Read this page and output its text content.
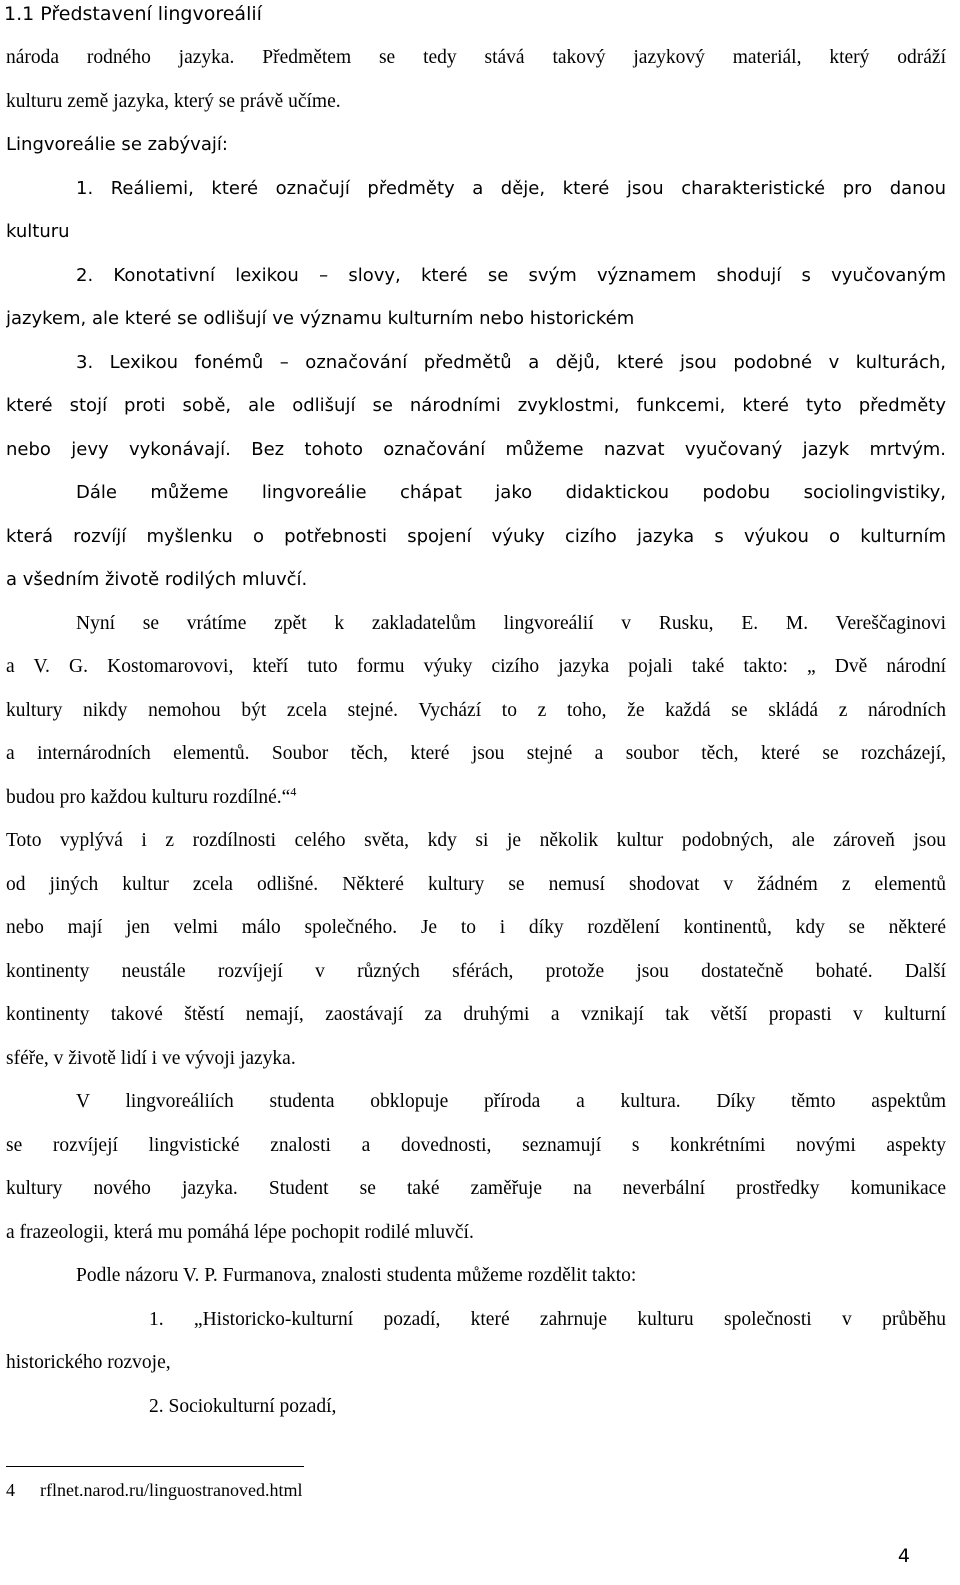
1.1 Představení lingvoreálií
národa rodného jazyka. Předmětem se tedy stává takový jazykový materiál, který odráží
kulturu země jazyka, který se právě učíme.
Lingvoreálie se zabývají:
1. Reáliemi, které označují předměty a děje, které jsou charakteristické pro danou
kulturu
2. Konotativní lexikou – slovy, které se svým významem shodují s vyučovaným
jazykem, ale které se odlišují ve významu kulturním nebo historickém
3. Lexikou fonémů – označování předmětů a dějů, které jsou podobné v kulturách,
které stojí proti sobě, ale odlišují se národními zvyklostmi, funkcemi, které tyto předměty
nebo jevy vykonávají. Bez tohoto označování můžeme nazvat vyučovaný jazyk mrtvým.
Dále můžeme lingvoreálie chápat jako didaktickou podobu sociolingvistiky,
která rozvíjí myšlenku o potřebnosti spojení výuky cizího jazyka s výukou o kulturním
a všedním životě rodilých mluvčí.
Nyní se vrátíme zpět k zakladatelům lingvoreálií v Rusku, E. M. Vereščaginovi
a V. G. Kostomarovovi, kteří tuto formu výuky cizího jazyka pojali také takto: „ Dvě národní
kultury nikdy nemohou být zcela stejné. Vychází to z toho, že každá se skládá z národních
a internárodních elementů. Soubor těch, které jsou stejné a soubor těch, které se rozcházejí,
budou pro každou kulturu rozdílné.“$^4$
Toto vyplývá i z rozdílnosti celého světa, kdy si je několik kultur podobných, ale zároveň jsou
od jiných kultur zcela odlišné. Některé kultury se nemusí shodovat v žádném z elementů
nebo mají jen velmi málo společného. Je to i díky rozdělení kontinentů, kdy se některé
kontinenty neustále rozvíjejí v různých sférách, protože jsou dostatečně bohaté. Další
kontinenty takové štěstí nemají, zaostávají za druhými a vznikají tak větší propasti v kulturní
sféře, v životě lidí i ve vývoji jazyka.
V lingvoreáliích studenta obklopuje příroda a kultura. Díky těmto aspektům
se rozvíjejí lingvistické znalosti a dovednosti, seznamují s konkrétními novými aspekty
kultury nového jazyka. Student se také zaměřuje na neverbální prostředky komunikace
a frazeologii, která mu pomáhá lépe pochopit rodilé mluvčí.
Podle názoru V. P. Furmanova, znalosti studenta můžeme rozdělit takto:
1. „Historicko-kulturní pozadí, které zahrnuje kulturu společnosti v průběhu
historického rozvoje,
2. Sociokulturní pozadí,
4 rflnet.narod.ru/linguostranoved.html
4
